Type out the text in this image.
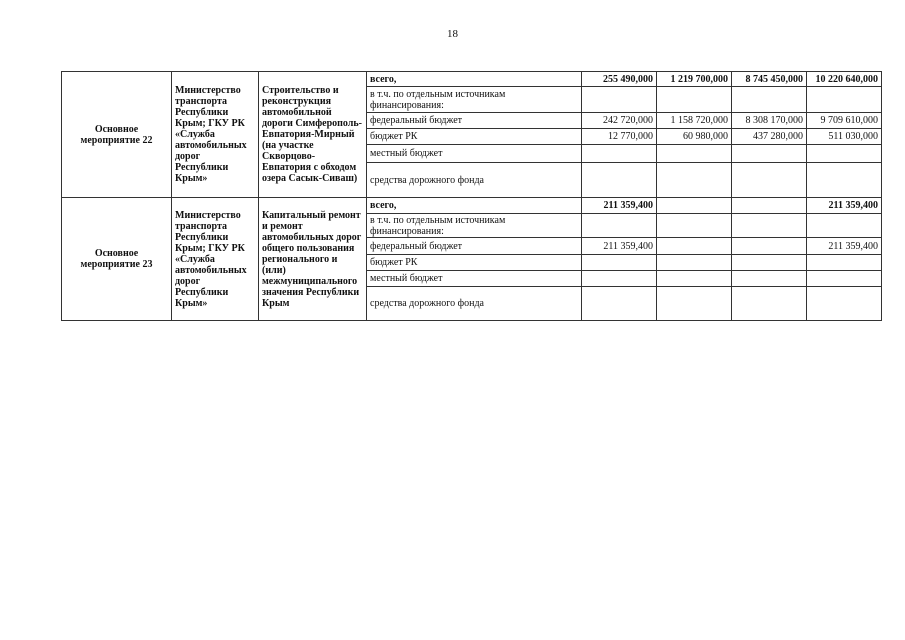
18
Основное мероприятие 22	Министерство транспорта Республики Крым; ГКУ РК «Служба автомобильных дорог Республики Крым»	Строительство и реконструкция автомобильной дороги Симферополь-Евпатория-Мирный (на участке Скворцово-Евпатория с обходом озера Сасык-Сиваш)	всего,	255 490,000	1 219 700,000	8 745 450,000	10 220 640,000
			в т.ч. по отдельным источникам финансирования:				
			федеральный бюджет	242 720,000	1 158 720,000	8 308 170,000	9 709 610,000
			бюджет РК	12 770,000	60 980,000	437 280,000	511 030,000
			местный бюджет				
			средства дорожного фонда				
Основное мероприятие 23	Министерство транспорта Республики Крым; ГКУ РК «Служба автомобильных дорог Республики Крым»	Капитальный ремонт и ремонт автомобильных дорог общего пользования регионального и (или) межмуниципального значения Республики Крым	всего,	211 359,400			211 359,400
			в т.ч. по отдельным источникам финансирования:				
			федеральный бюджет	211 359,400			211 359,400
			бюджет РК				
			местный бюджет				
			средства дорожного фонда				
